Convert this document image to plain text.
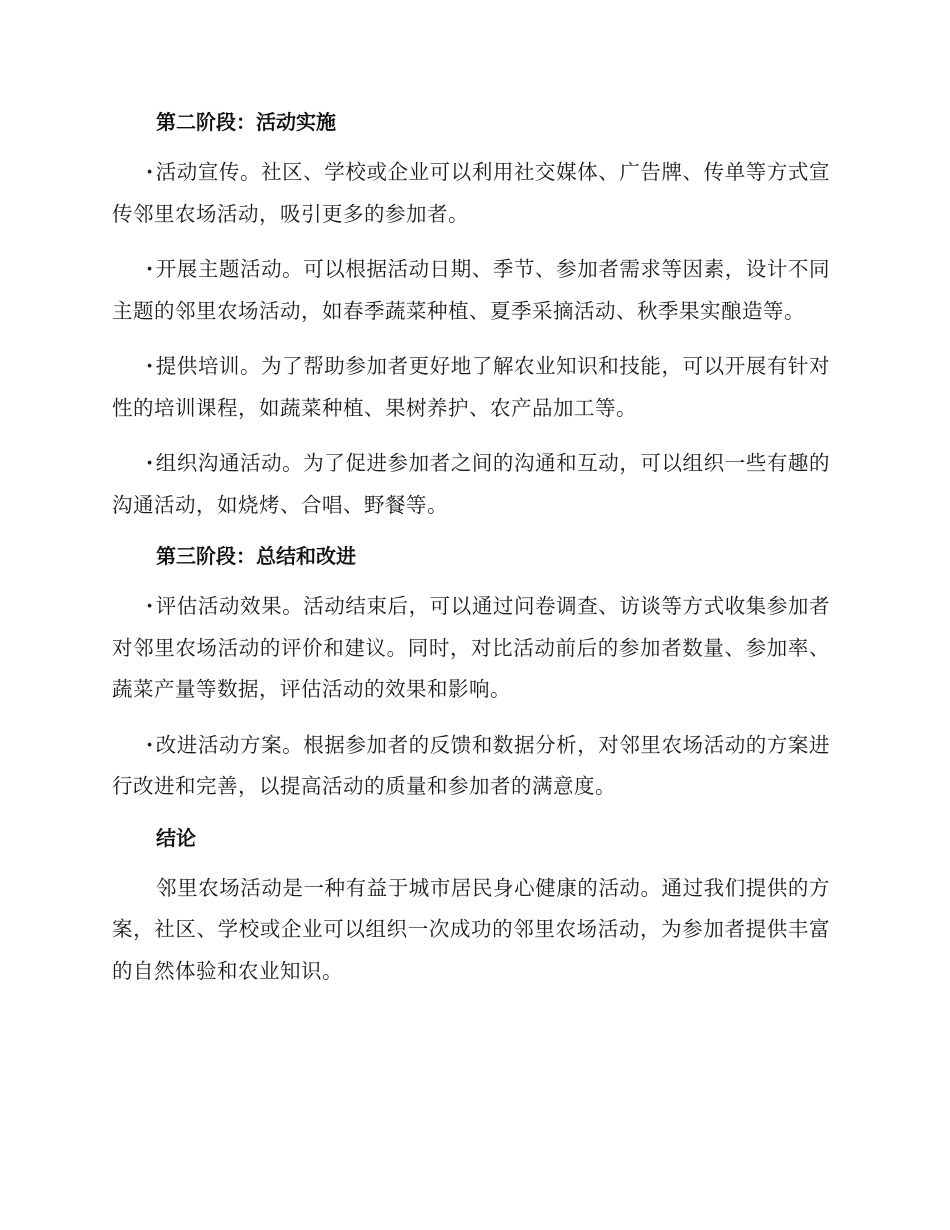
第二阶段：活动实施

·活动宣传。社区、学校或企业可以利用社交媒体、广告牌、传单等方式宣传邻里农场活动，吸引更多的参加者。

·开展主题活动。可以根据活动日期、季节、参加者需求等因素，设计不同主题的邻里农场活动，如春季蔬菜种植、夏季采摘活动、秋季果实酿造等。

·提供培训。为了帮助参加者更好地了解农业知识和技能，可以开展有针对性的培训课程，如蔬菜种植、果树养护、农产品加工等。

·组织沟通活动。为了促进参加者之间的沟通和互动，可以组织一些有趣的沟通活动，如烧烤、合唱、野餐等。

第三阶段：总结和改进

·评估活动效果。活动结束后，可以通过问卷调查、访谈等方式收集参加者对邻里农场活动的评价和建议。同时，对比活动前后的参加者数量、参加率、蔬菜产量等数据，评估活动的效果和影响。

·改进活动方案。根据参加者的反馈和数据分析，对邻里农场活动的方案进行改进和完善，以提高活动的质量和参加者的满意度。

结论

邻里农场活动是一种有益于城市居民身心健康的活动。通过我们提供的方案，社区、学校或企业可以组织一次成功的邻里农场活动，为参加者提供丰富的自然体验和农业知识。
